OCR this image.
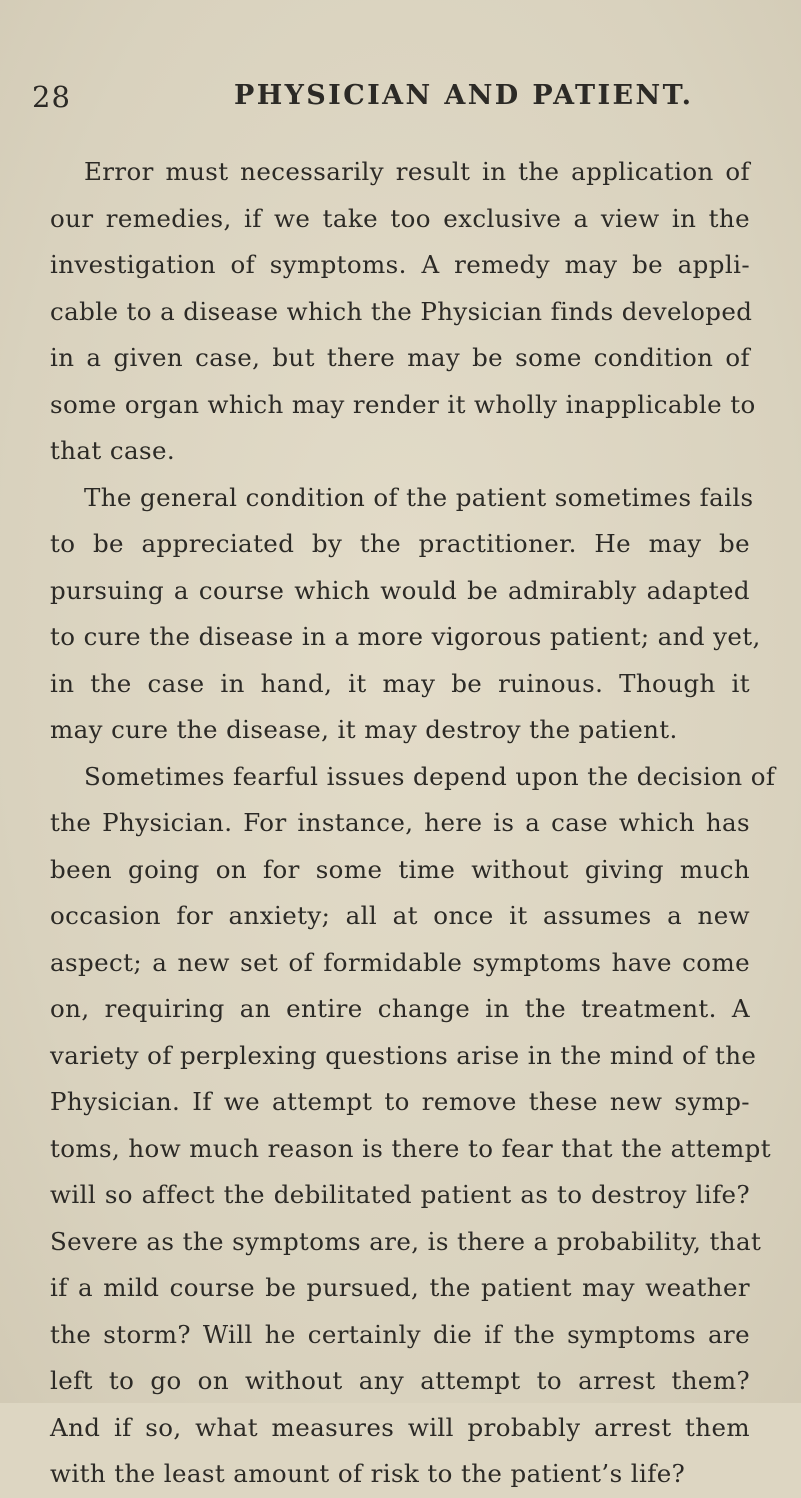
28	PHYSICIAN AND PATIENT.
Error must necessarily result in the application of
our remedies, if we take too exclusive a view in the
investigation of symptoms. A remedy may be appli-
cable to a disease which the Physician finds developed
in a given case, but there may be some condition of
some organ which may render it wholly inapplicable to
that case.
The general condition of the patient sometimes fails
to be appreciated by the practitioner. He may be
pursuing a course which would be admirably adapted
to cure the disease in a more vigorous patient; and yet,
in the case in hand, it may be ruinous. Though it
may cure the disease, it may destroy the patient.
Sometimes fearful issues depend upon the decision of
the Physician. For instance, here is a case which has
been going on for some time without giving much
occasion for anxiety; all at once it assumes a new
aspect; a new set of formidable symptoms have come
on, requiring an entire change in the treatment. A
variety of perplexing questions arise in the mind of the
Physician. If we attempt to remove these new symp-
toms, how much reason is there to fear that the attempt
will so affect the debilitated patient as to destroy life?
Severe as the symptoms are, is there a probability, that
if a mild course be pursued, the patient may weather
the storm? Will he certainly die if the symptoms are
left to go on without any attempt to arrest them?
And if so, what measures will probably arrest them
with the least amount of risk to the patient’s life?
